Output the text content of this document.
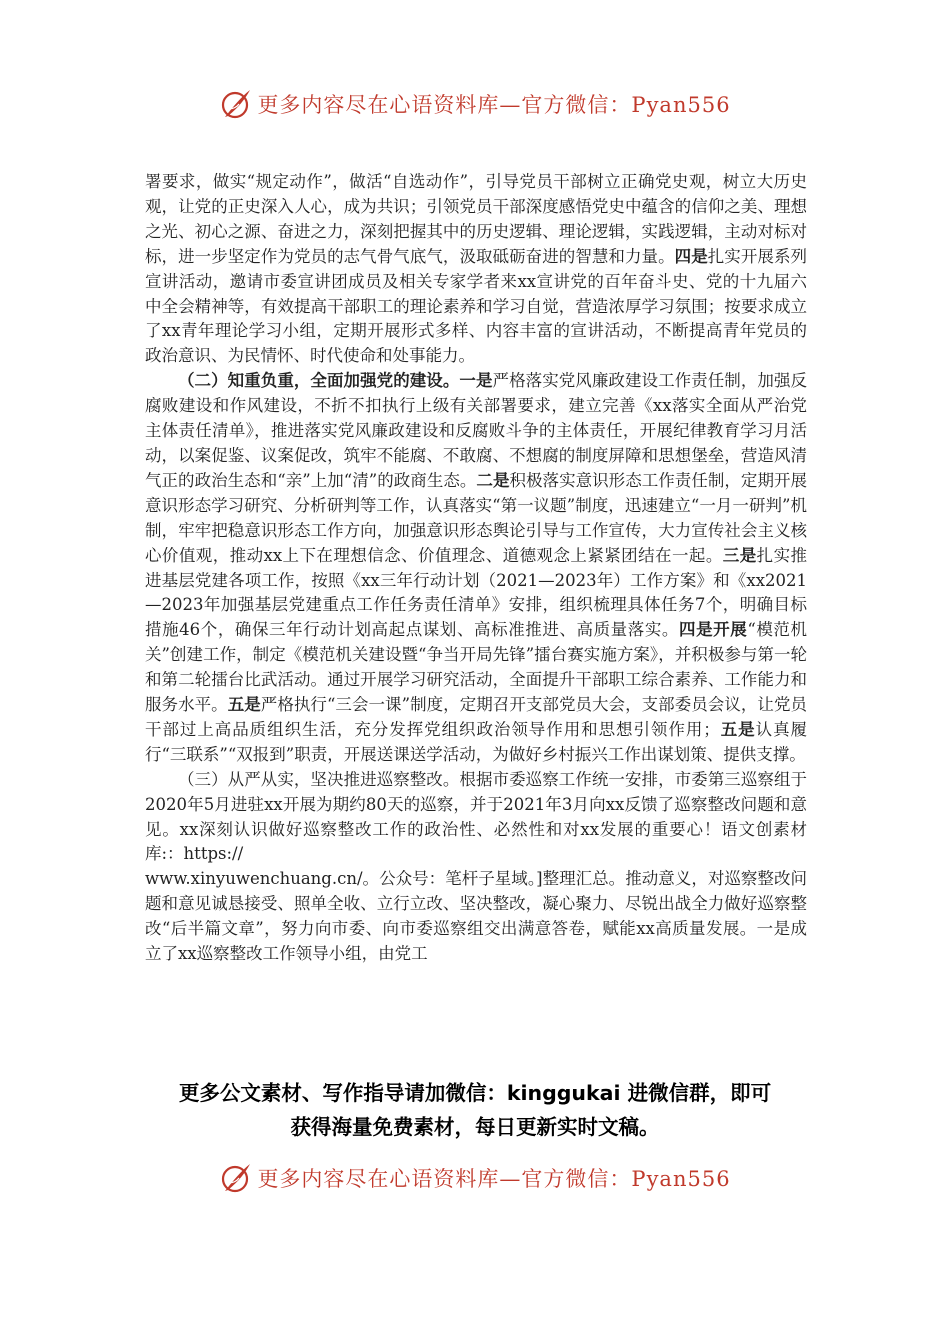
更多内容尽在心语资料库—官方微信：Pyan556

署要求，做实“规定动作”，做活“自选动作”，引导党员干部树立正确党史观，树立大历史观，让党的正史深入人心，成为共识；引领党员干部深度感悟党史中蕴含的信仰之美、理想之光、初心之源、奋进之力，深刻把握其中的历史逻辑、理论逻辑，实践逻辑，主动对标对标，进一步坚定作为党员的志气骨气底气，汲取砥砺奋进的智慧和力量。四是扎实开展系列宣讲活动，邀请市委宣讲团成员及相关专家学者来xx宣讲党的百年奋斗史、党的十九届六中全会精神等，有效提高干部职工的理论素养和学习自觉，营造浓厚学习氛围；按要求成立了xx青年理论学习小组，定期开展形式多样、内容丰富的宣讲活动，不断提高青年党员的政治意识、为民情怀、时代使命和处事能力。

（二）知重负重，全面加强党的建设。一是严格落实党风廉政建设工作责任制，加强反腐败建设和作风建设，不折不扣执行上级有关部署要求，建立完善《xx落实全面从严治党主体责任清单》，推进落实党风廉政建设和反腐败斗争的主体责任，开展纪律教育学习月活动，以案促鉴、议案促改，筑牢不能腐、不敢腐、不想腐的制度屏障和思想堡垒，营造风清气正的政治生态和“亲”上加“清”的政商生态。二是积极落实意识形态工作责任制，定期开展意识形态学习研究、分析研判等工作，认真落实“第一议题”制度，迅速建立“一月一研判”机制，牢牢把稳意识形态工作方向，加强意识形态舆论引导与工作宣传，大力宣传社会主义核心价值观，推动xx上下在理想信念、价值理念、道德观念上紧紧团结在一起。三是扎实推进基层党建各项工作，按照《xx三年行动计划（2021—2023年）工作方案》和《xx2021—2023年加强基层党建重点工作任务责任清单》安排，组织梳理具体任务7个，明确目标措施46个，确保三年行动计划高起点谋划、高标准推进、高质量落实。四是开展“模范机关”创建工作，制定《模范机关建设暨“争当开局先锋”擂台赛实施方案》，并积极参与第一轮和第二轮擂台比武活动。通过开展学习研究活动，全面提升干部职工综合素养、工作能力和服务水平。五是严格执行“三会一课”制度，定期召开支部党员大会，支部委员会议，让党员干部过上高品质组织生活，充分发挥党组织政治领导作用和思想引领作用；五是认真履行“三联系”“双报到”职责，开展送课送学活动，为做好乡村振兴工作出谋划策、提供支撑。

（三）从严从实，坚决推进巡察整改。根据市委巡察工作统一安排，市委第三巡察组于2020年5月进驻xx开展为期约80天的巡察，并于2021年3月向xx反馈了巡察整改问题和意见。xx深刻认识做好巡察整改工作的政治性、必然性和对xx发展的重要心！语文创素材库:：https://
www.xinyuwenchuang.cn/。公众号：笔杆子星域。]整理汇总。推动意义，对巡察整改问题和意见诚恳接受、照单全收、立行立改、坚决整改，凝心聚力、尽锐出战全力做好巡察整改“后半篇文章”，努力向市委、向市委巡察组交出满意答卷，赋能xx高质量发展。一是成立了xx巡察整改工作领导小组，由党工

更多公文素材、写作指导请加微信：kinggukai 进微信群，即可
获得海量免费素材，每日更新实时文稿。
更多内容尽在心语资料库—官方微信：Pyan556
